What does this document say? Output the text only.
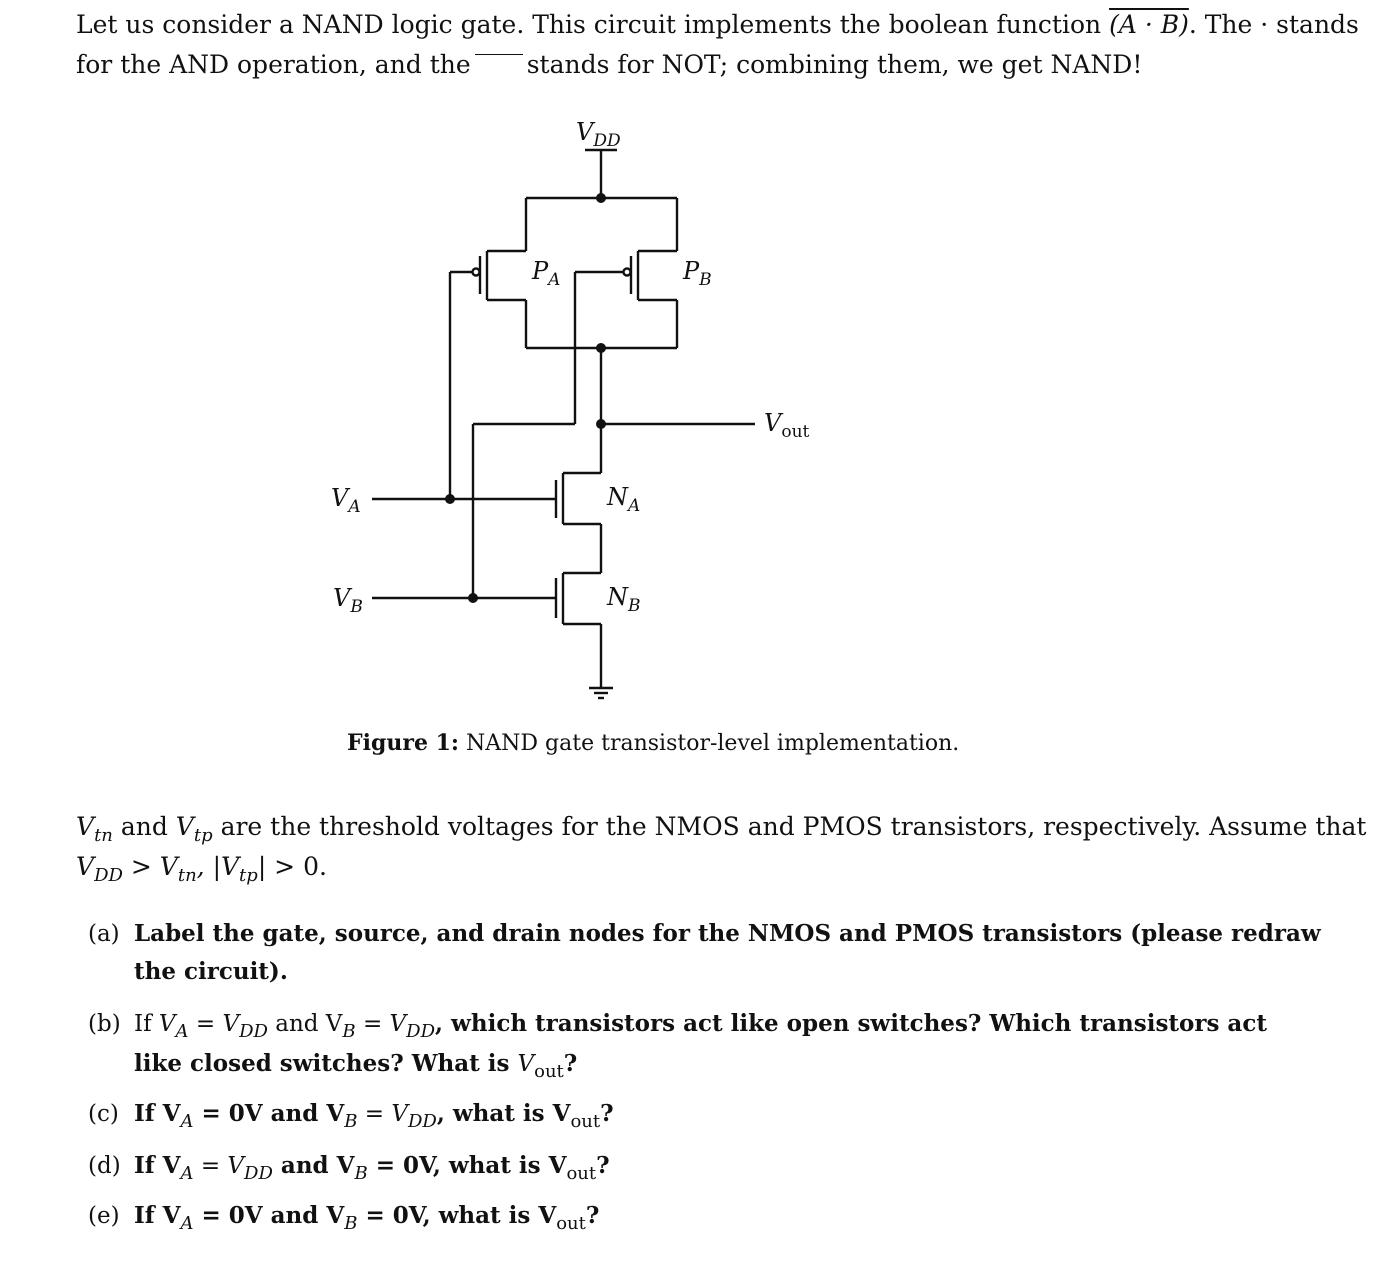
Let us consider a NAND logic gate. This circuit implements the boolean function (A · B). The · stands
for the AND operation, and the stands for NOT; combining them, we get NAND!
$V_{DD}$
$P_A$	$P_B$
$N_A$
$N_B$
$V_A$
$V_B$
$V_{out}$
Figure 1: NAND gate transistor-level implementation.
$V_{tn}$ and $V_{tp}$ are the threshold voltages for the NMOS and PMOS transistors, respectively. Assume that
$V_{DD} > V_{tn}$, $|V_{tp}| > 0$.
(a) Label the gate, source, and drain nodes for the NMOS and PMOS transistors (please redraw
the circuit).
(b) If $V_A = V_{DD}$ and $V_B = V_{DD}$, which transistors act like open switches? Which transistors act
like closed switches? What is $V_{out}$?
(c) If $V_A = 0V$ and $V_B = V_{DD}$, what is $V_{out}$?
(d) If $V_A = V_{DD}$ and $V_B = 0V$, what is $V_{out}$?
(e) If $V_A = 0V$ and $V_B = 0V$, what is $V_{out}$?
